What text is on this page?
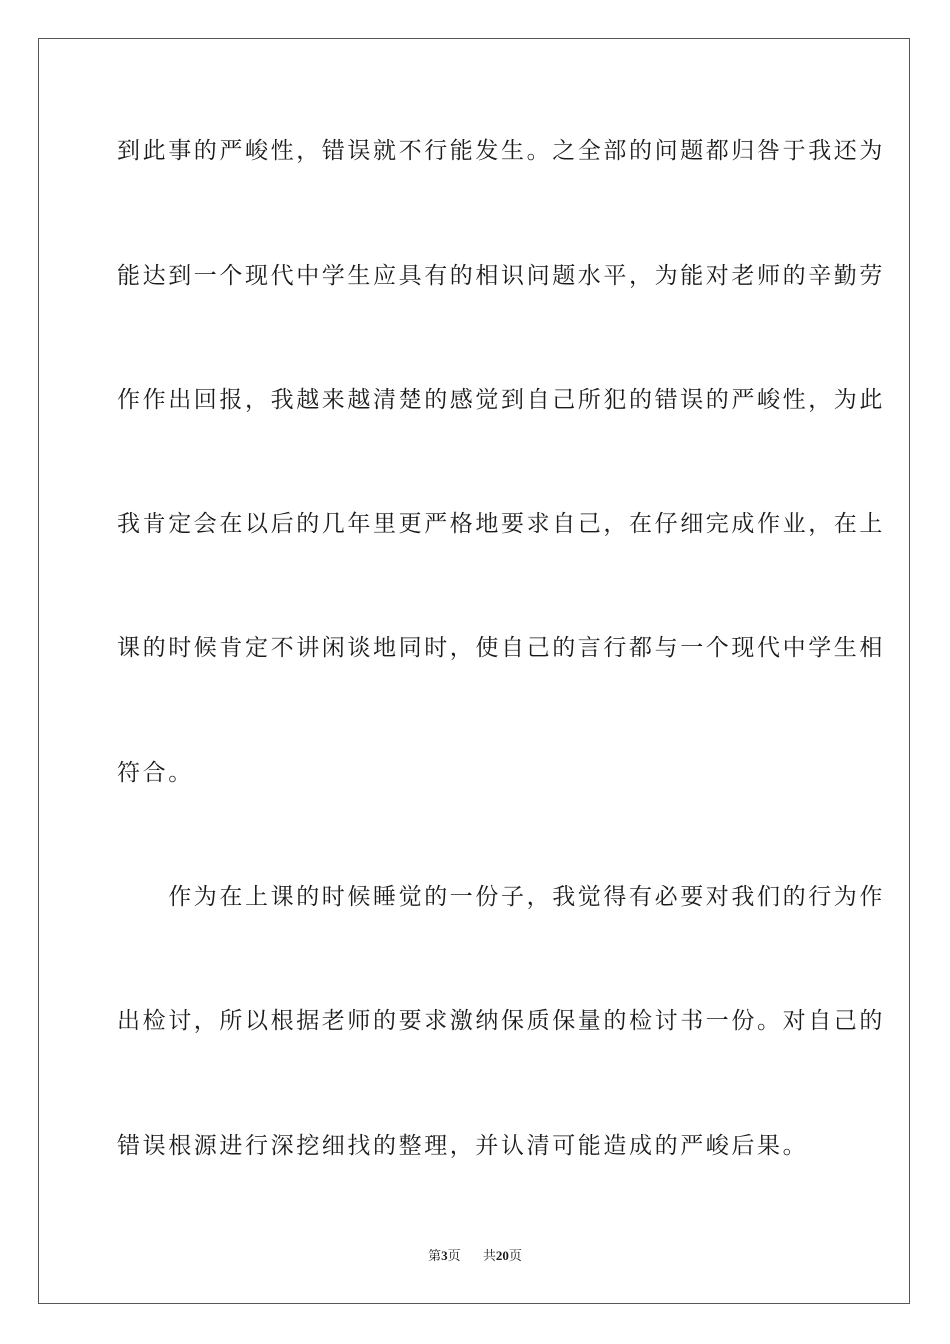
到此事的严峻性，错误就不行能发生。之全部的问题都归咎于我还为
能达到一个现代中学生应具有的相识问题水平，为能对老师的辛勤劳
作作出回报，我越来越清楚的感觉到自己所犯的错误的严峻性，为此
我肯定会在以后的几年里更严格地要求自己，在仔细完成作业，在上
课的时候肯定不讲闲谈地同时，使自己的言行都与一个现代中学生相
符合。
　　作为在上课的时候睡觉的一份子，我觉得有必要对我们的行为作
出检讨，所以根据老师的要求激纳保质保量的检讨书一份。对自己的
错误根源进行深挖细找的整理，并认清可能造成的严峻后果。
第3页 共20页
